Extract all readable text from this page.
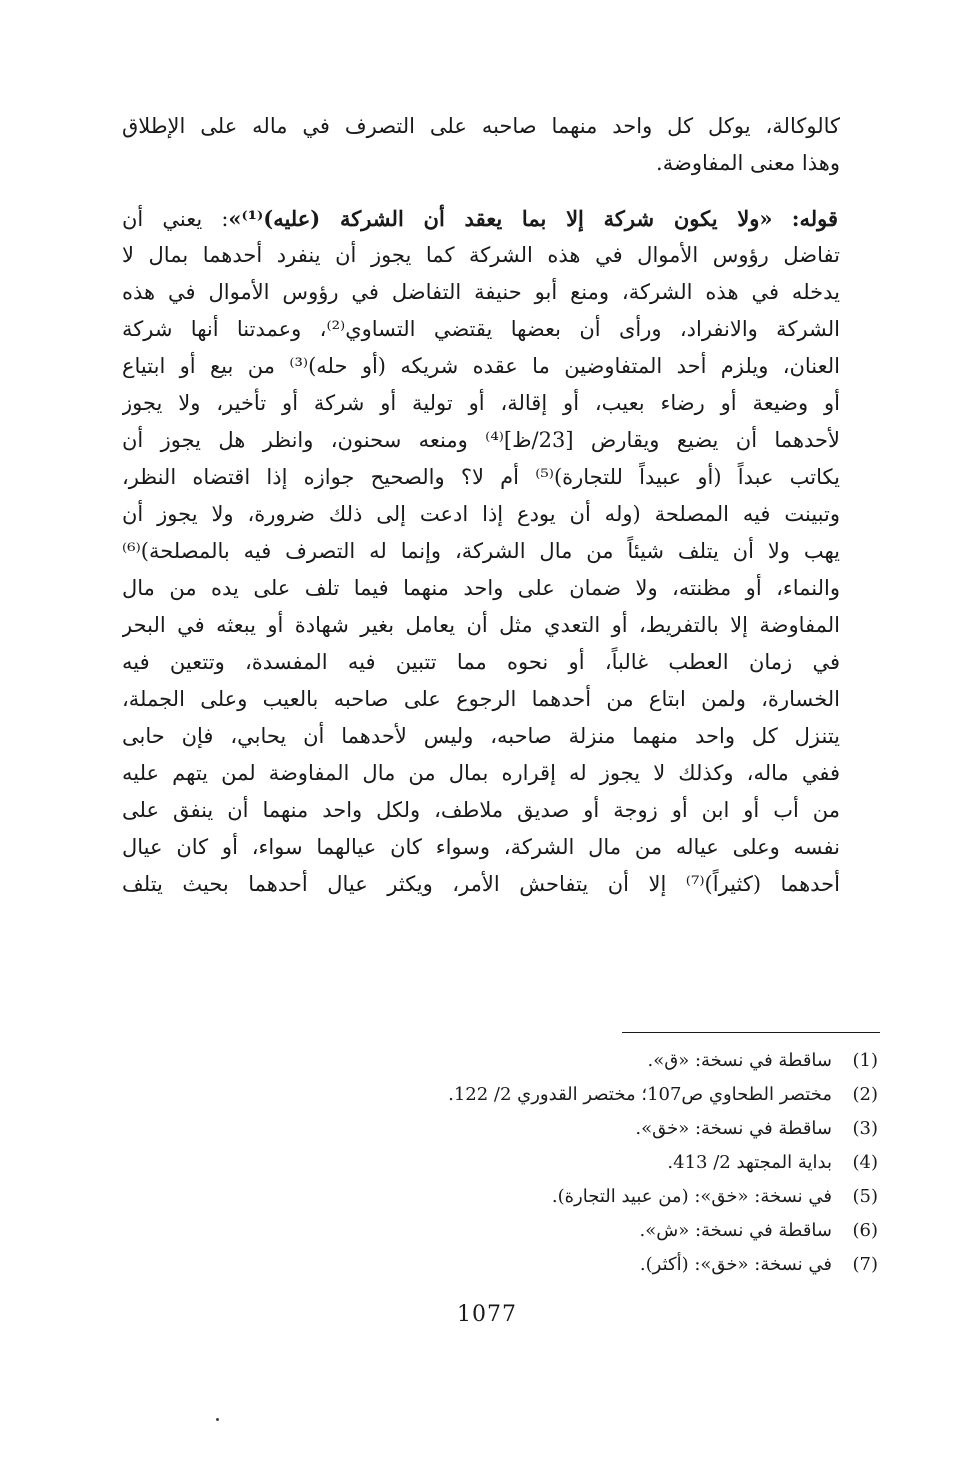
كالوكالة، يوكل كل واحد منهما صاحبه على التصرف في ماله على الإطلاق
وهذا معنى المفاوضة.
قوله: «ولا يكون شركة إلا بما يعقد أن الشركة (عليه)⁽¹⁾»: يعني أن
تفاضل رؤوس الأموال في هذه الشركة كما يجوز أن ينفرد أحدهما بمال لا
يدخله في هذه الشركة، ومنع أبو حنيفة التفاضل في رؤوس الأموال في هذه
الشركة والانفراد، ورأى أن بعضها يقتضي التساوي⁽²⁾، وعمدتنا أنها شركة
العنان، ويلزم أحد المتفاوضين ما عقده شريكه (أو حله)⁽³⁾ من بيع أو ابتياع
أو وضيعة أو رضاء بعيب، أو إقالة، أو تولية أو شركة أو تأخير، ولا يجوز
لأحدهما أن يضيع ويقارض [23/ظ]⁽⁴⁾ ومنعه سحنون، وانظر هل يجوز أن
يكاتب عبداً (أو عبيداً للتجارة)⁽⁵⁾ أم لا؟ والصحيح جوازه إذا اقتضاه النظر،
وتبينت فيه المصلحة (وله أن يودع إذا ادعت إلى ذلك ضرورة، ولا يجوز أن
يهب ولا أن يتلف شيئاً من مال الشركة، وإنما له التصرف فيه بالمصلحة)⁽⁶⁾
والنماء، أو مظنته، ولا ضمان على واحد منهما فيما تلف على يده من مال
المفاوضة إلا بالتفريط، أو التعدي مثل أن يعامل بغير شهادة أو يبعثه في البحر
في زمان العطب غالباً، أو نحوه مما تتبين فيه المفسدة، وتتعين فيه
الخسارة، ولمن ابتاع من أحدهما الرجوع على صاحبه بالعيب وعلى الجملة،
يتنزل كل واحد منهما منزلة صاحبه، وليس لأحدهما أن يحابي، فإن حابى
ففي ماله، وكذلك لا يجوز له إقراره بمال من مال المفاوضة لمن يتهم عليه
من أب أو ابن أو زوجة أو صديق ملاطف، ولكل واحد منهما أن ينفق على
نفسه وعلى عياله من مال الشركة، وسواء كان عيالهما سواء، أو كان عيال
أحدهما (كثيراً)⁽⁷⁾ إلا أن يتفاحش الأمر، ويكثر عيال أحدهما بحيث يتلف
(1)
ساقطة في نسخة: «ق».
(2)
مختصر الطحاوي ص107؛ مختصر القدوري 2/ 122.
(3)
ساقطة في نسخة: «خق».
(4)
بداية المجتهد 2/ 413.
(5)
في نسخة: «خق»: (من عبيد التجارة).
(6)
ساقطة في نسخة: «ش».
(7)
في نسخة: «خق»: (أكثر).
1077
